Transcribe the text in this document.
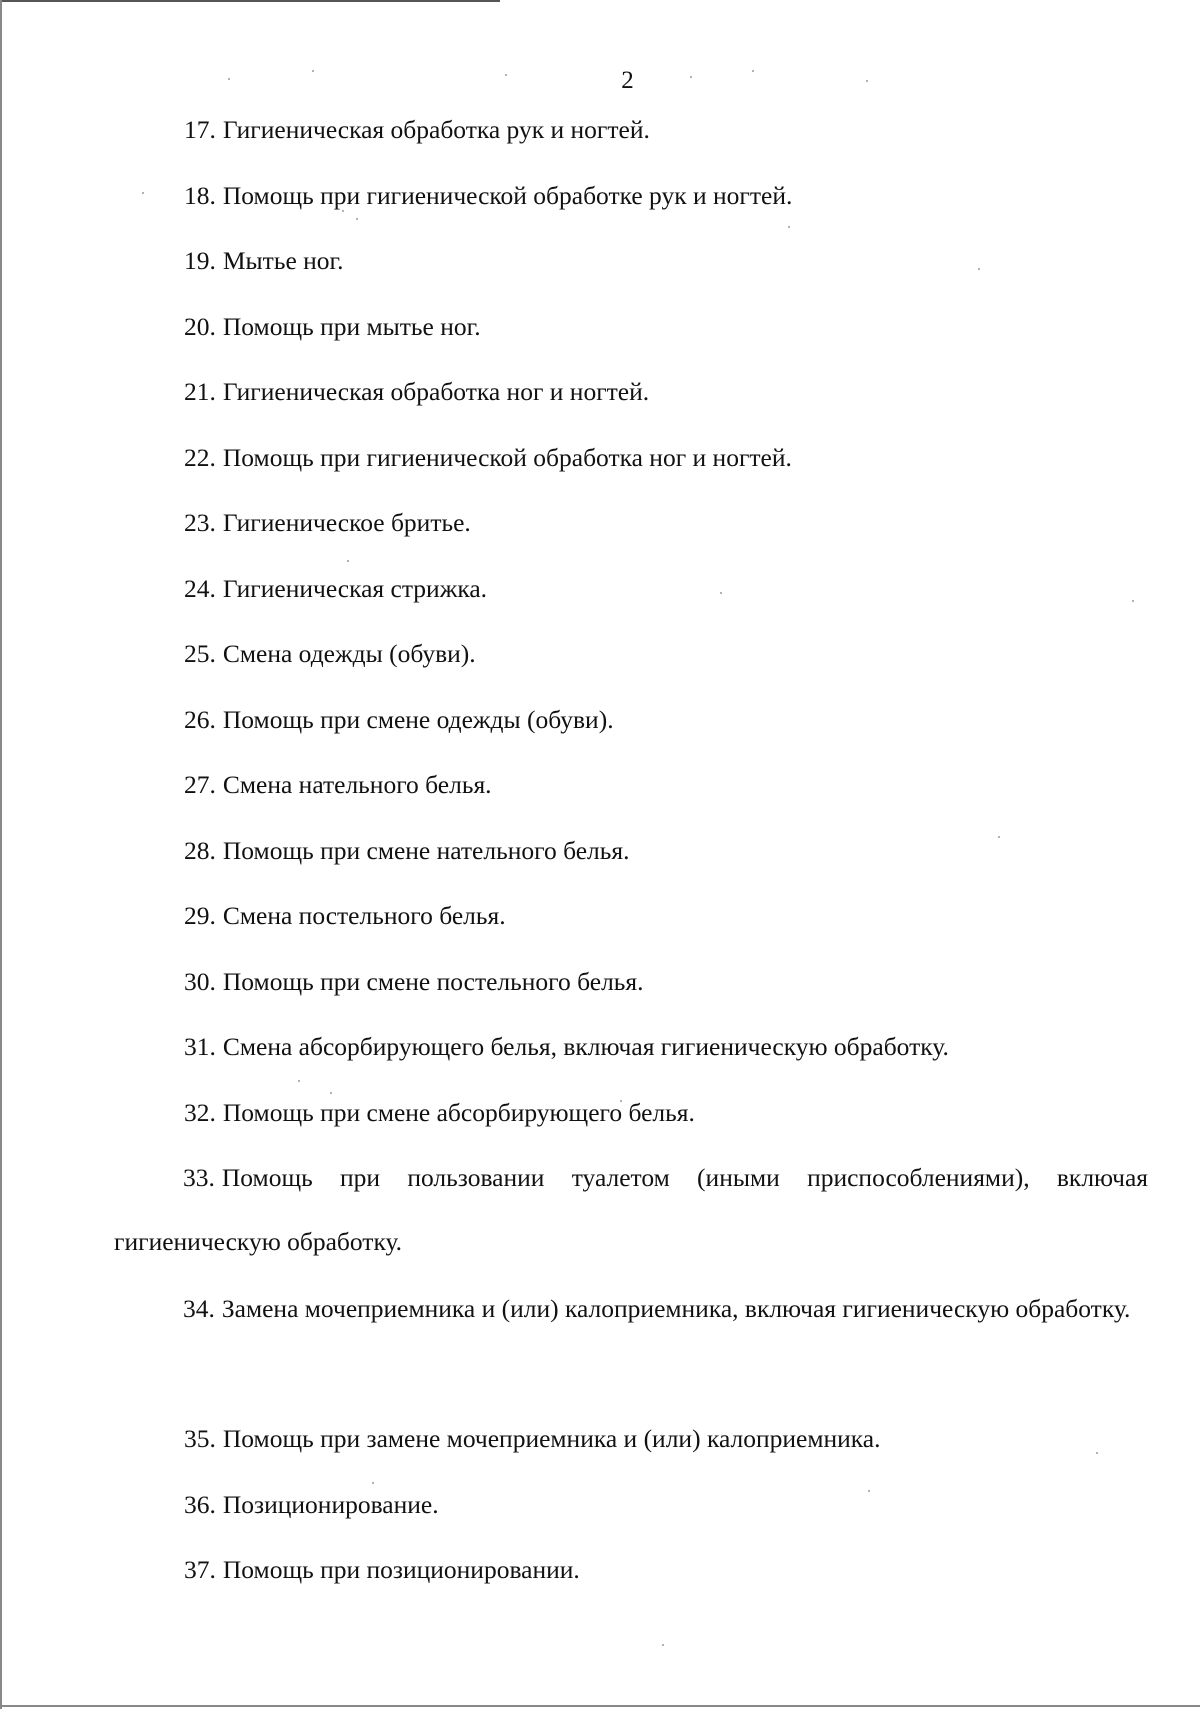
2
17. Гигиеническая обработка рук и ногтей.
18. Помощь при гигиенической обработке рук и ногтей.
19. Мытье ног.
20. Помощь при мытье ног.
21. Гигиеническая обработка ног и ногтей.
22. Помощь при гигиенической обработка ног и ногтей.
23. Гигиеническое бритье.
24. Гигиеническая стрижка.
25. Смена одежды (обуви).
26. Помощь при смене одежды (обуви).
27. Смена нательного белья.
28. Помощь при смене нательного белья.
29. Смена постельного белья.
30. Помощь при смене постельного белья.
31. Смена абсорбирующего белья, включая гигиеническую обработку.
32. Помощь при смене абсорбирующего белья.
33. Помощь при пользовании туалетом (иными приспособлениями), включая гигиеническую обработку.
34. Замена мочеприемника и (или) калоприемника, включая гигиеническую обработку.
35. Помощь при замене мочеприемника и (или) калоприемника.
36. Позиционирование.
37. Помощь при позиционировании.
